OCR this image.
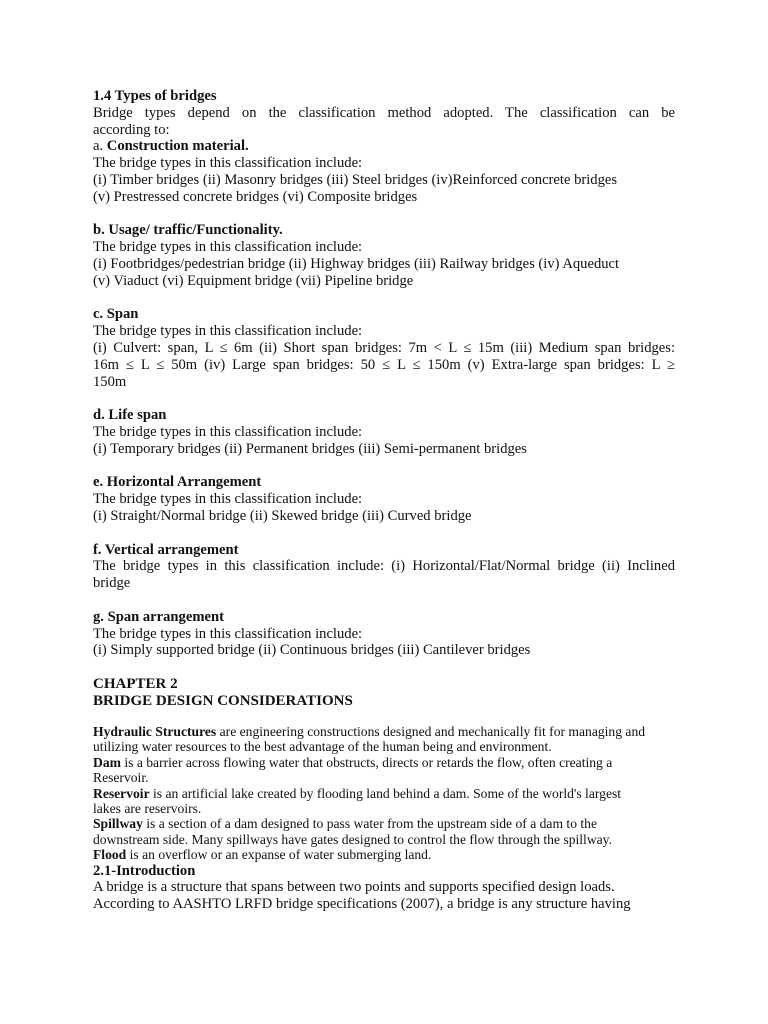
1.4 Types of bridges

Bridge types depend on the classification method adopted. The classification can be

according to:

a. Construction material.

The bridge types in this classification include:

(i) Timber bridges (ii) Masonry bridges (iii) Steel bridges (iv)Reinforced concrete bridges

(v) Prestressed concrete bridges (vi) Composite bridges

b. Usage/ traffic/Functionality.

The bridge types in this classification include:

(i) Footbridges/pedestrian bridge (ii) Highway bridges (iii) Railway bridges (iv) Aqueduct

(v) Viaduct (vi) Equipment bridge (vii) Pipeline bridge

c. Span

The bridge types in this classification include:

(i) Culvert: span, L ≤ 6m (ii) Short span bridges: 7m < L ≤ 15m (iii) Medium span bridges:

16m ≤ L ≤ 50m (iv) Large span bridges: 50 ≤ L ≤ 150m (v) Extra-large span bridges: L ≥

150m

d. Life span

The bridge types in this classification include:

(i) Temporary bridges (ii) Permanent bridges (iii) Semi-permanent bridges

e. Horizontal Arrangement

The bridge types in this classification include:

(i) Straight/Normal bridge (ii) Skewed bridge (iii) Curved bridge

f. Vertical arrangement

The bridge types in this classification include: (i) Horizontal/Flat/Normal bridge (ii) Inclined

bridge

g. Span arrangement

The bridge types in this classification include:

(i) Simply supported bridge (ii) Continuous bridges (iii) Cantilever bridges

CHAPTER 2

BRIDGE DESIGN CONSIDERATIONS

Hydraulic Structures are engineering constructions designed and mechanically fit for managing and

utilizing water resources to the best advantage of the human being and environment.

Dam is a barrier across flowing water that obstructs, directs or retards the flow, often creating a

Reservoir.

Reservoir is an artificial lake created by flooding land behind a dam. Some of the world's largest

lakes are reservoirs.

Spillway is a section of a dam designed to pass water from the upstream side of a dam to the

downstream side. Many spillways have gates designed to control the flow through the spillway.

Flood is an overflow or an expanse of water submerging land.

2.1-Introduction

A bridge is a structure that spans between two points and supports specified design loads.

According to AASHTO LRFD bridge specifications (2007), a bridge is any structure having
